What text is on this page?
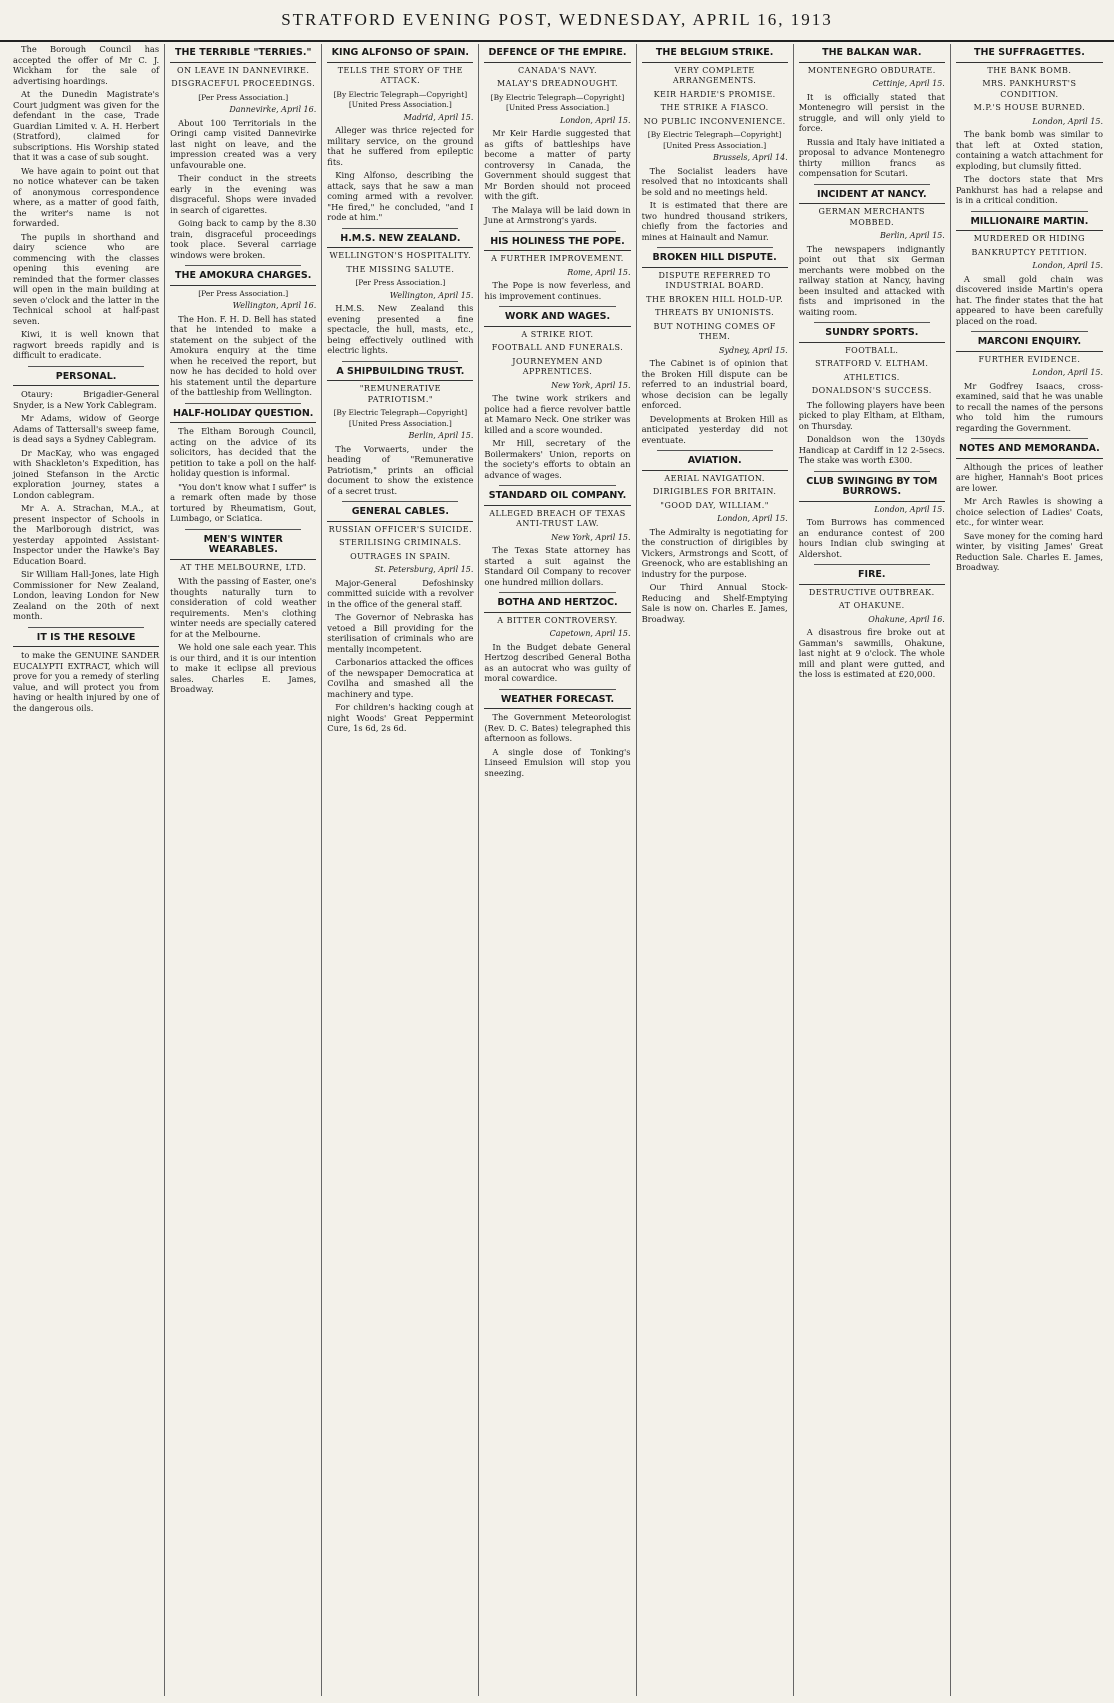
STRATFORD EVENING POST, WEDNESDAY, APRIL 16, 1913

The Borough Council has accepted the offer of Mr C. J. Wickham for the sale of advertising hoardings.

At the Dunedin Magistrate's Court judgment was given for the defendant in the case, Trade Guardian Limited v. A. H. Herbert (Stratford), claimed for subscriptions. His Worship stated that it was a case of sub sought.

We have again to point out that no notice whatever can be taken of anonymous correspondence where, as a matter of good faith, the writer's name is not forwarded.

The pupils in shorthand and dairy science who are commencing with the classes opening this evening are reminded that the former classes will open in the main building at seven o'clock and the latter in the Technical school at half-past seven.

Kiwi, it is well known that ragwort breeds rapidly and is difficult to eradicate.

PERSONAL.

Otaury: Brigadier-General Snyder, is a New York Cablegram.

Mr Adams, widow of George Adams of Tattersall's sweep fame, is dead says a Sydney Cablegram.

Dr MacKay, who was engaged with Shackleton's Expedition, has joined Stefanson in the Arctic exploration journey, states a London cablegram.

Mr A. A. Strachan, M.A., at present inspector of Schools in the Marlborough district, was yesterday appointed Assistant-Inspector under the Hawke's Bay Education Board.

Sir William Hall-Jones, late High Commissioner for New Zealand, London, leaving London for New Zealand on the 20th of next month.

IT IS THE RESOLVE

to make the GENUINE SANDER EUCALYPTI EXTRACT, which will prove for you a remedy of sterling value, and will protect you from having or health injured by one of the dangerous oils.

THE TERRIBLE "TERRIES."
ON LEAVE IN DANNEVIRKE.
DISGRACEFUL PROCEEDINGS.
[Per Press Association.]
Dannevirke, April 16.

About 100 Territorials in the Oringi camp visited Dannevirke last night on leave, and the impression created was a very unfavourable one.

Their conduct in the streets early in the evening was disgraceful. Shops were invaded in search of cigarettes.

Going back to camp by the 8.30 train, disgraceful proceedings took place. Several carriage windows were broken.

THE AMOKURA CHARGES.
[Per Press Association.]
Wellington, April 16.

The Hon. F. H. D. Bell has stated that he intended to make a statement on the subject of the Amokura enquiry at the time when he received the report, but now he has decided to hold over his statement until the departure of the battleship from Wellington.

HALF-HOLIDAY QUESTION.

The Eltham Borough Council, acting on the advice of its solicitors, has decided that the petition to take a poll on the half-holiday question is informal.

"You don't know what I suffer" is a remark often made by those tortured by Rheumatism, Gout, Lumbago, or Sciatica.

MEN'S WINTER WEARABLES.
AT THE MELBOURNE, LTD.

With the passing of Easter, one's thoughts naturally turn to consideration of cold weather requirements. Men's clothing winter needs are specially catered for at the Melbourne.

We hold one sale each year. This is our third, and it is our intention to make it eclipse all previous sales. Charles E. James, Broadway.

KING ALFONSO OF SPAIN.
TELLS THE STORY OF THE ATTACK.
[By Electric Telegraph—Copyright] [United Press Association.]
Madrid, April 15.

Alleger was thrice rejected for military service, on the ground that he suffered from epileptic fits.

King Alfonso, describing the attack, says that he saw a man coming armed with a revolver. "He fired," he concluded, "and I rode at him."

H.M.S. NEW ZEALAND.
WELLINGTON'S HOSPITALITY.
THE MISSING SALUTE.
[Per Press Association.]
Wellington, April 15.

H.M.S. New Zealand this evening presented a fine spectacle, the hull, masts, etc., being effectively outlined with electric lights.

A SHIPBUILDING TRUST.
"REMUNERATIVE PATRIOTISM."
[By Electric Telegraph—Copyright] [United Press Association.]
Berlin, April 15.

The Vorwaerts, under the heading of "Remunerative Patriotism," prints an official document to show the existence of a secret trust.

GENERAL CABLES.
RUSSIAN OFFICER'S SUICIDE.
STERILISING CRIMINALS.
OUTRAGES IN SPAIN.
St. Petersburg, April 15.

Major-General Defoshinsky committed suicide with a revolver in the office of the general staff.

The Governor of Nebraska has vetoed a Bill providing for the sterilisation of criminals who are mentally incompetent.

Carbonarios attacked the offices of the newspaper Democratica at Covilha and smashed all the machinery and type.

For children's hacking cough at night Woods' Great Peppermint Cure, 1s 6d, 2s 6d.

DEFENCE OF THE EMPIRE.
CANADA'S NAVY.
MALAY'S DREADNOUGHT.
[By Electric Telegraph—Copyright] [United Press Association.]
London, April 15.

Mr Keir Hardie suggested that as gifts of battleships have become a matter of party controversy in Canada, the Government should suggest that Mr Borden should not proceed with the gift.

The Malaya will be laid down in June at Armstrong's yards.

HIS HOLINESS THE POPE.
A FURTHER IMPROVEMENT.
Rome, April 15.

The Pope is now feverless, and his improvement continues.

WORK AND WAGES.
A STRIKE RIOT.
FOOTBALL AND FUNERALS.
JOURNEYMEN AND APPRENTICES.
New York, April 15.

The twine work strikers and police had a fierce revolver battle at Mamaro Neck. One striker was killed and a score wounded.

Mr Hill, secretary of the Boilermakers' Union, reports on the society's efforts to obtain an advance of wages.

STANDARD OIL COMPANY.
ALLEGED BREACH OF TEXAS ANTI-TRUST LAW.
New York, April 15.

The Texas State attorney has started a suit against the Standard Oil Company to recover one hundred million dollars.

BOTHA AND HERTZOC.
A BITTER CONTROVERSY.
Capetown, April 15.

In the Budget debate General Hertzog described General Botha as an autocrat who was guilty of moral cowardice.

WEATHER FORECAST.

The Government Meteorologist (Rev. D. C. Bates) telegraphed this afternoon as follows.

A single dose of Tonking's Linseed Emulsion will stop you sneezing.

THE BELGIUM STRIKE.
VERY COMPLETE ARRANGEMENTS.
KEIR HARDIE'S PROMISE.
THE STRIKE A FIASCO.
NO PUBLIC INCONVENIENCE.
[By Electric Telegraph—Copyright] [United Press Association.]
Brussels, April 14.

The Socialist leaders have resolved that no intoxicants shall be sold and no meetings held.

It is estimated that there are two hundred thousand strikers, chiefly from the factories and mines at Hainault and Namur.

BROKEN HILL DISPUTE.
DISPUTE REFERRED TO INDUSTRIAL BOARD.
THE BROKEN HILL HOLD-UP.
THREATS BY UNIONISTS.
BUT NOTHING COMES OF THEM.
Sydney, April 15.

The Cabinet is of opinion that the Broken Hill dispute can be referred to an industrial board, whose decision can be legally enforced.

Developments at Broken Hill as anticipated yesterday did not eventuate.

AVIATION.
AERIAL NAVIGATION.
DIRIGIBLES FOR BRITAIN.
"GOOD DAY, WILLIAM."
London, April 15.

The Admiralty is negotiating for the construction of dirigibles by Vickers, Armstrongs and Scott, of Greenock, who are establishing an industry for the purpose.

Our Third Annual Stock-Reducing and Shelf-Emptying Sale is now on. Charles E. James, Broadway.

THE BALKAN WAR.
MONTENEGRO OBDURATE.
Cettinje, April 15.

It is officially stated that Montenegro will persist in the struggle, and will only yield to force.

Russia and Italy have initiated a proposal to advance Montenegro thirty million francs as compensation for Scutari.

INCIDENT AT NANCY.
GERMAN MERCHANTS MOBBED.
Berlin, April 15.

The newspapers indignantly point out that six German merchants were mobbed on the railway station at Nancy, having been insulted and attacked with fists and imprisoned in the waiting room.

SUNDRY SPORTS.
FOOTBALL.
STRATFORD V. ELTHAM.
ATHLETICS.
DONALDSON'S SUCCESS.

The following players have been picked to play Eltham, at Eltham, on Thursday.

Donaldson won the 130yds Handicap at Cardiff in 12 2-5secs. The stake was worth £300.

CLUB SWINGING BY TOM BURROWS.
London, April 15.

Tom Burrows has commenced an endurance contest of 200 hours Indian club swinging at Aldershot.

FIRE.
DESTRUCTIVE OUTBREAK.
AT OHAKUNE.
Ohakune, April 16.

A disastrous fire broke out at Gamman's sawmills, Ohakune, last night at 9 o'clock. The whole mill and plant were gutted, and the loss is estimated at £20,000.

THE SUFFRAGETTES.
THE BANK BOMB.
MRS. PANKHURST'S CONDITION.
M.P.'S HOUSE BURNED.
London, April 15.

The bank bomb was similar to that left at Oxted station, containing a watch attachment for exploding, but clumsily fitted.

The doctors state that Mrs Pankhurst has had a relapse and is in a critical condition.

MILLIONAIRE MARTIN.
MURDERED OR HIDING
BANKRUPTCY PETITION.
London, April 15.

A small gold chain was discovered inside Martin's opera hat. The finder states that the hat appeared to have been carefully placed on the road.

MARCONI ENQUIRY.
FURTHER EVIDENCE.
London, April 15.

Mr Godfrey Isaacs, cross-examined, said that he was unable to recall the names of the persons who told him the rumours regarding the Government.

NOTES AND MEMORANDA.

Although the prices of leather are higher, Hannah's Boot prices are lower.

Mr Arch Rawles is showing a choice selection of Ladies' Coats, etc., for winter wear.

Save money for the coming hard winter, by visiting James' Great Reduction Sale. Charles E. James, Broadway.
